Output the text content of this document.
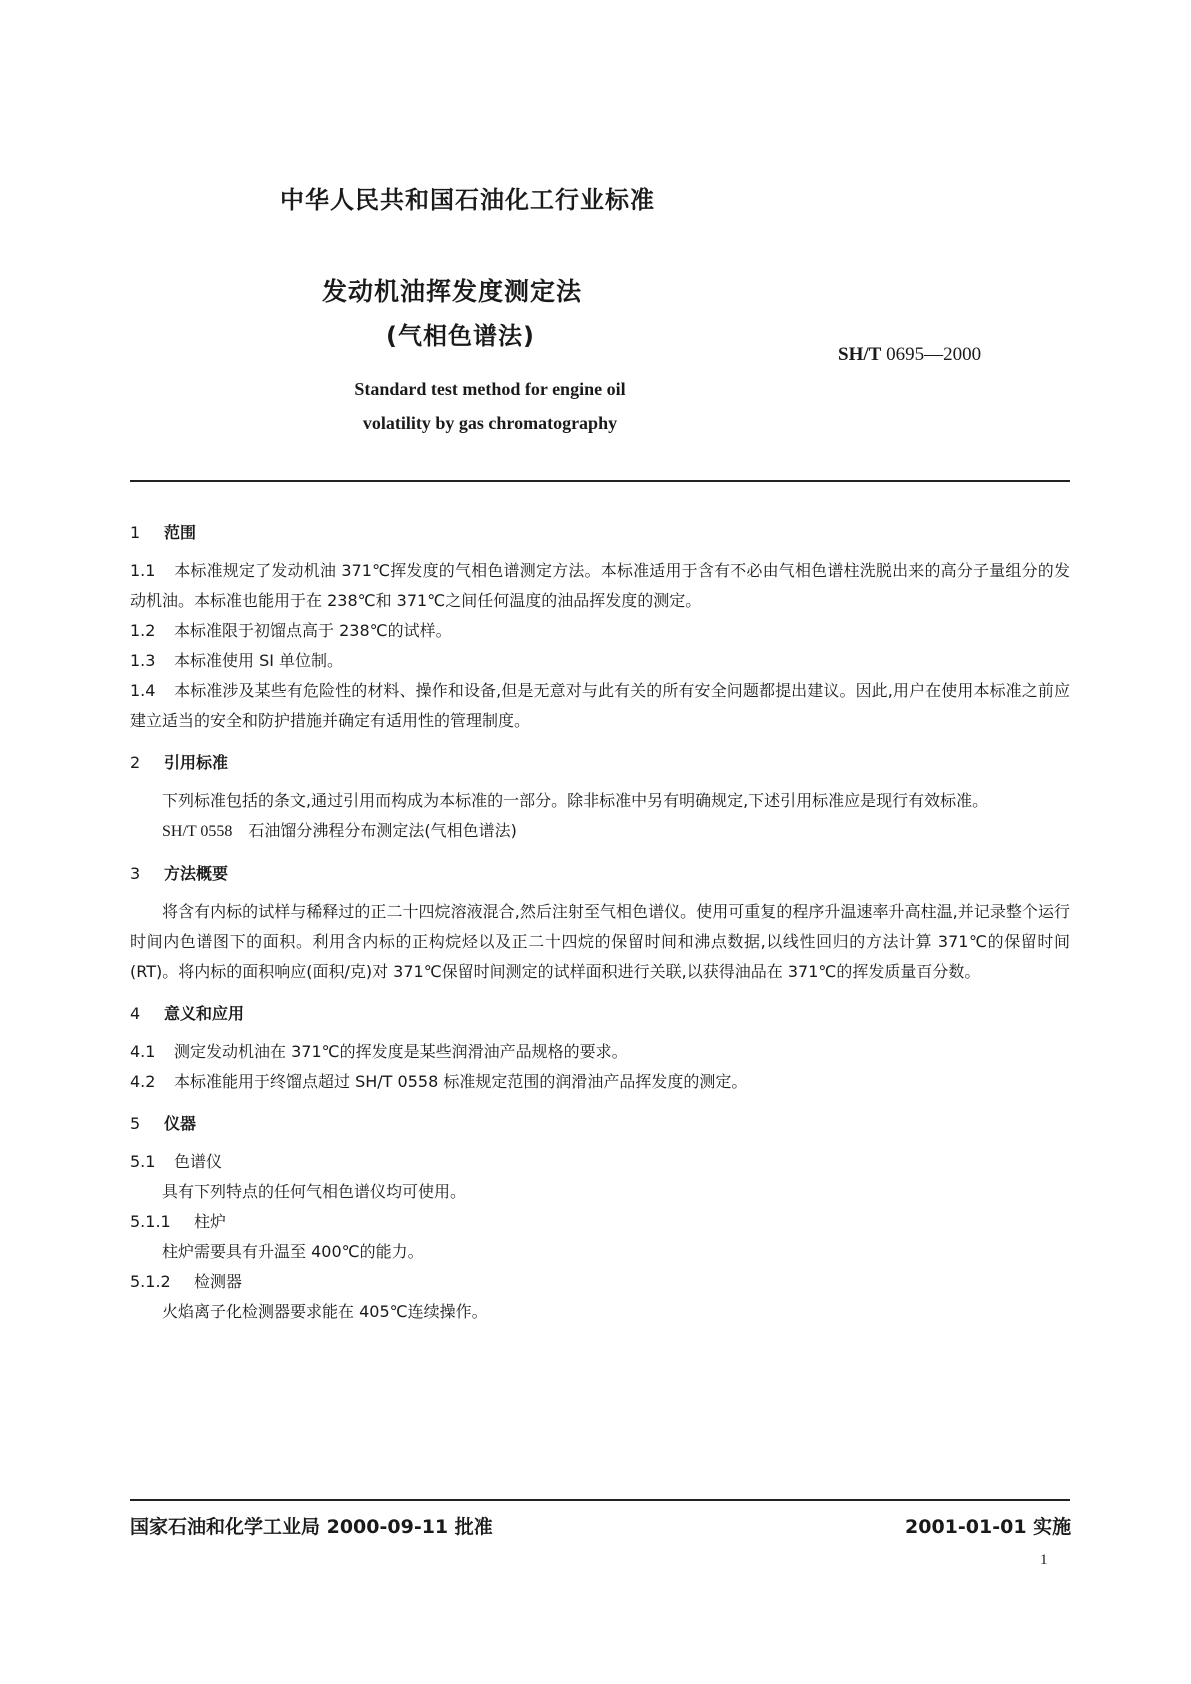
中华人民共和国石油化工行业标准
发动机油挥发度测定法
(气相色谱法)
SH/T 0695—2000
Standard test method for engine oil
volatility by gas chromatography
1 范围
1.1 本标准规定了发动机油 371℃挥发度的气相色谱测定方法。本标准适用于含有不必由气相色谱柱洗脱出来的高分子量组分的发动机油。本标准也能用于在 238℃和 371℃之间任何温度的油品挥发度的测定。
1.2 本标准限于初馏点高于 238℃的试样。
1.3 本标准使用 SI 单位制。
1.4 本标准涉及某些有危险性的材料、操作和设备,但是无意对与此有关的所有安全问题都提出建议。因此,用户在使用本标准之前应建立适当的安全和防护措施并确定有适用性的管理制度。
2 引用标准
下列标准包括的条文,通过引用而构成为本标准的一部分。除非标准中另有明确规定,下述引用标准应是现行有效标准。
SH/T 0558 石油馏分沸程分布测定法(气相色谱法)
3 方法概要
将含有内标的试样与稀释过的正二十四烷溶液混合,然后注射至气相色谱仪。使用可重复的程序升温速率升高柱温,并记录整个运行时间内色谱图下的面积。利用含内标的正构烷烃以及正二十四烷的保留时间和沸点数据,以线性回归的方法计算 371℃的保留时间(RT)。将内标的面积响应(面积/克)对 371℃保留时间测定的试样面积进行关联,以获得油品在 371℃的挥发质量百分数。
4 意义和应用
4.1 测定发动机油在 371℃的挥发度是某些润滑油产品规格的要求。
4.2 本标准能用于终馏点超过 SH/T 0558 标准规定范围的润滑油产品挥发度的测定。
5 仪器
5.1 色谱仪
具有下列特点的任何气相色谱仪均可使用。
5.1.1 柱炉
柱炉需要具有升温至 400℃的能力。
5.1.2 检测器
火焰离子化检测器要求能在 405℃连续操作。
国家石油和化学工业局 2000-09-11 批准	2001-01-01 实施
1
